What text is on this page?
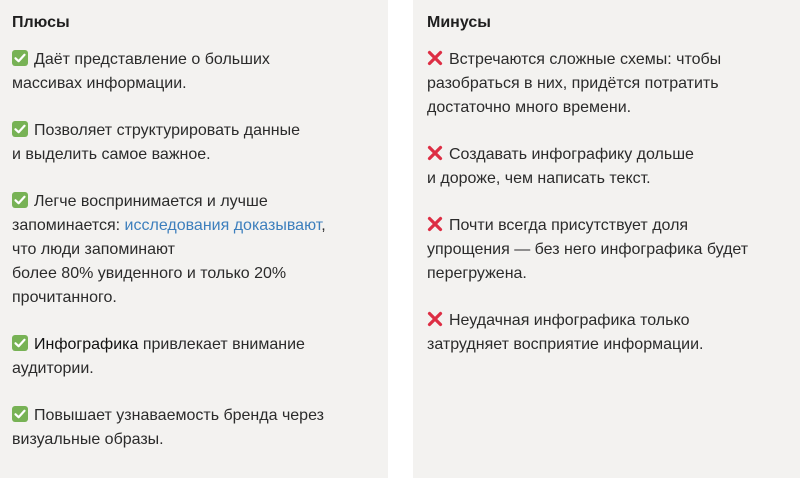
Плюсы
Даёт представление о больших
массивах информации.
Позволяет структурировать данные
и выделить самое важное.
Легче воспринимается и лучше
запоминается: исследования доказывают,
что люди запоминают
более 80% увиденного и только 20%
прочитанного.
Инфографика привлекает внимание
аудитории.
Повышает узнаваемость бренда через
визуальные образы.
Минусы
Встречаются сложные схемы: чтобы
разобраться в них, придётся потратить
достаточно много времени.
Создавать инфографику дольше
и дороже, чем написать текст.
Почти всегда присутствует доля
упрощения — без него инфографика будет
перегружена.
Неудачная инфографика только
затрудняет восприятие информации.
